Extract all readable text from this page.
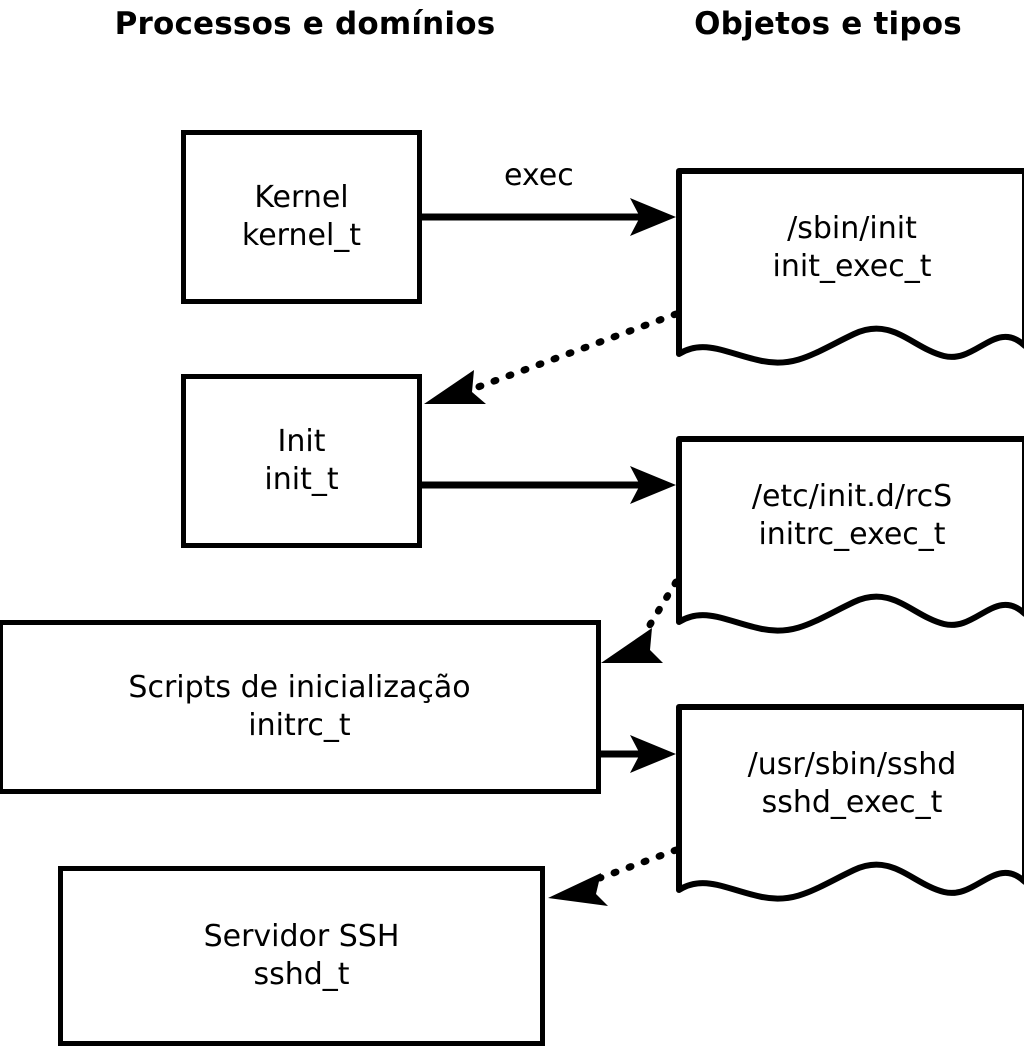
Processos e domínios	Objetos e tipos
Kernel
kernel_t
Init
init_t
Scripts de inicialização
initrc_t
Servidor SSH
sshd_t
/sbin/init
init_exec_t
/etc/init.d/rcS
initrc_exec_t
/usr/sbin/sshd
sshd_exec_t
exec
